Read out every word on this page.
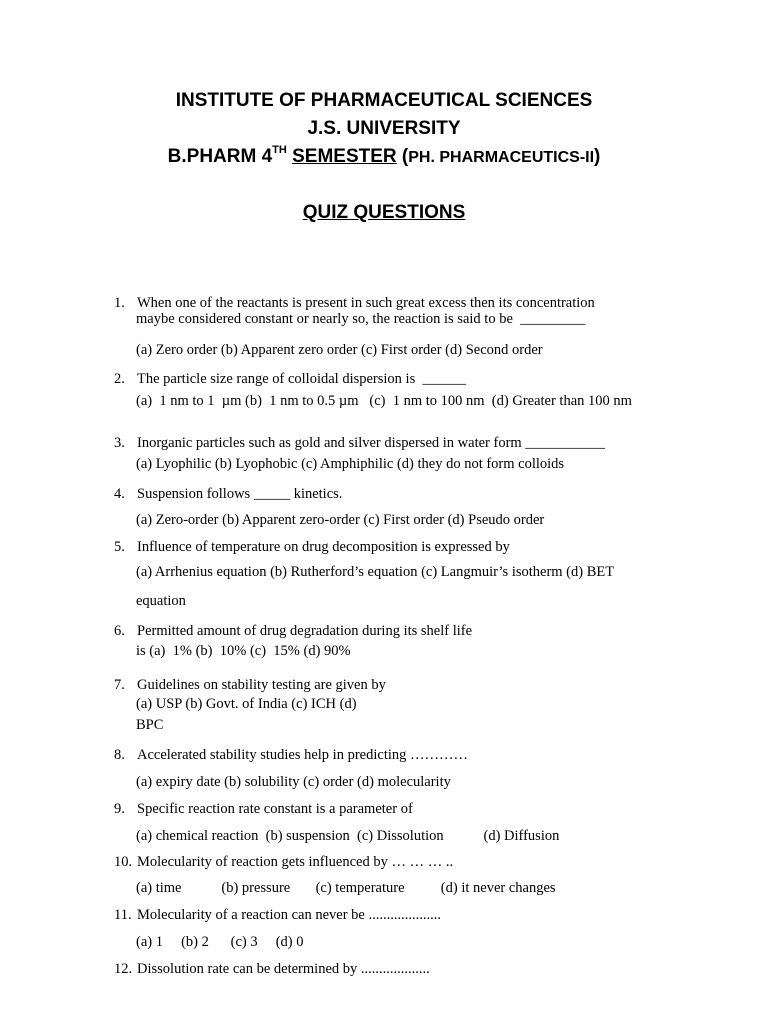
INSTITUTE OF PHARMACEUTICAL SCIENCES
J.S. UNIVERSITY
B.PHARM 4TH SEMESTER (PH. PHARMACEUTICS-II)
QUIZ QUESTIONS
1. When one of the reactants is present in such great excess then its concentration
maybe considered constant or nearly so, the reaction is said to be  _________
(a) Zero order (b) Apparent zero order (c) First order (d) Second order
2. The particle size range of colloidal dispersion is  ______
(a)  1 nm to 1  µm (b)  1 nm to 0.5 µm   (c)  1 nm to 100 nm  (d) Greater than 100 nm
3. Inorganic particles such as gold and silver dispersed in water form ___________
(a) Lyophilic (b) Lyophobic (c) Amphiphilic (d) they do not form colloids
4. Suspension follows _____ kinetics.
(a) Zero-order (b) Apparent zero-order (c) First order (d) Pseudo order
5. Influence of temperature on drug decomposition is expressed by
(a) Arrhenius equation (b) Rutherford’s equation (c) Langmuir’s isotherm (d) BET
equation
6. Permitted amount of drug degradation during its shelf life
is (a)  1% (b)  10% (c)  15% (d) 90%
7. Guidelines on stability testing are given by
(a) USP (b) Govt. of India (c) ICH (d)
BPC
8. Accelerated stability studies help in predicting …………
(a) expiry date (b) solubility (c) order (d) molecularity
9. Specific reaction rate constant is a parameter of
(a) chemical reaction  (b) suspension  (c) Dissolution           (d) Diffusion
10. Molecularity of reaction gets influenced by … … … ..
(a) time           (b) pressure       (c) temperature          (d) it never changes
11. Molecularity of a reaction can never be ....................
(a) 1     (b) 2      (c) 3     (d) 0
12. Dissolution rate can be determined by ...................
